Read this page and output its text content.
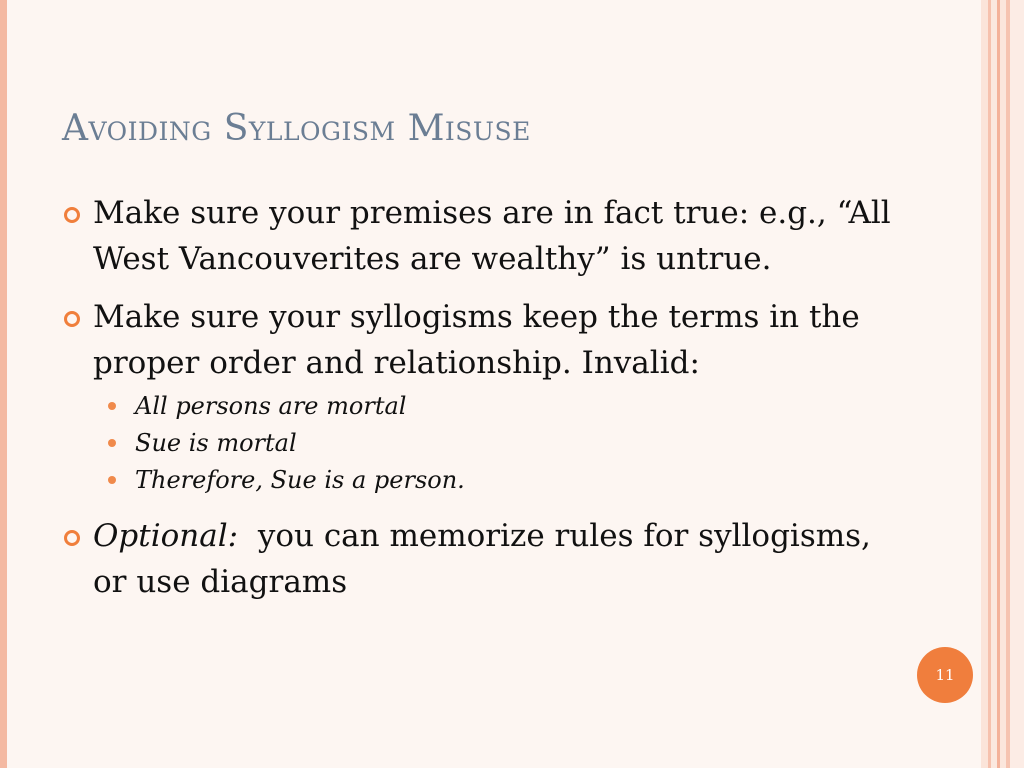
Avoiding Syllogism Misuse
Make sure your premises are in fact true: e.g., “All West Vancouverites are wealthy” is untrue.
Make sure your syllogisms keep the terms in the proper order and relationship. Invalid:
All persons are mortal
Sue is mortal
Therefore, Sue is a person.
Optional: you can memorize rules for syllogisms, or use diagrams
11
